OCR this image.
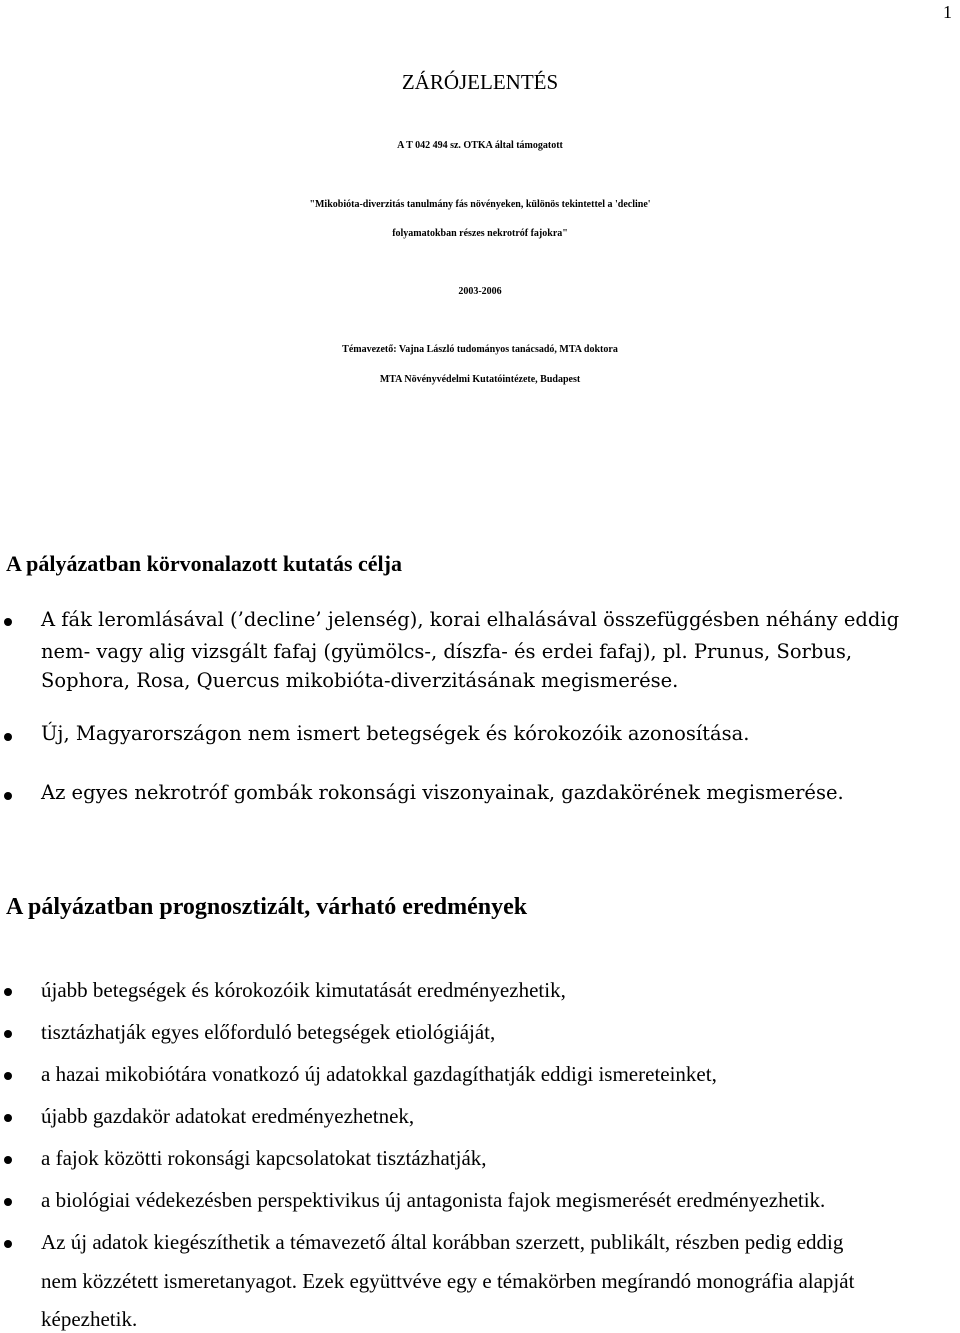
1
ZÁRÓJELENTÉS
A T 042 494 sz. OTKA által támogatott
"Mikobióta-diverzitás tanulmány fás növényeken, különös tekintettel a 'decline'
folyamatokban részes nekrotróf fajokra"
2003-2006
Témavezető: Vajna László tudományos tanácsadó, MTA doktora
MTA Növényvédelmi Kutatóintézete, Budapest
A pályázatban körvonalazott kutatás célja
A fák leromlásával (’decline’ jelenség), korai elhalásával összefüggésben néhány eddig
nem- vagy alig vizsgált fafaj (gyümölcs-, díszfa- és erdei fafaj), pl. Prunus, Sorbus,
Sophora, Rosa, Quercus mikobióta-diverzitásának megismerése.
Új, Magyarországon nem ismert betegségek és kórokozóik azonosítása.
Az egyes nekrotróf gombák rokonsági viszonyainak, gazdakörének megismerése.
A pályázatban prognosztizált, várható eredmények
újabb betegségek és kórokozóik kimutatását eredményezhetik,
tisztázhatják egyes előforduló betegségek etiológiáját,
a hazai mikobiótára vonatkozó új adatokkal gazdagíthatják eddigi ismereteinket,
újabb gazdakör adatokat eredményezhetnek,
a fajok közötti rokonsági kapcsolatokat tisztázhatják,
a biológiai védekezésben perspektivikus új antagonista fajok megismerését eredményezhetik.
Az új adatok kiegészíthetik a témavezető által korábban szerzett, publikált, részben pedig eddig
nem közzétett ismeretanyagot. Ezek együttvéve egy e témakörben megírandó monográfia alapját
képezhetik.
